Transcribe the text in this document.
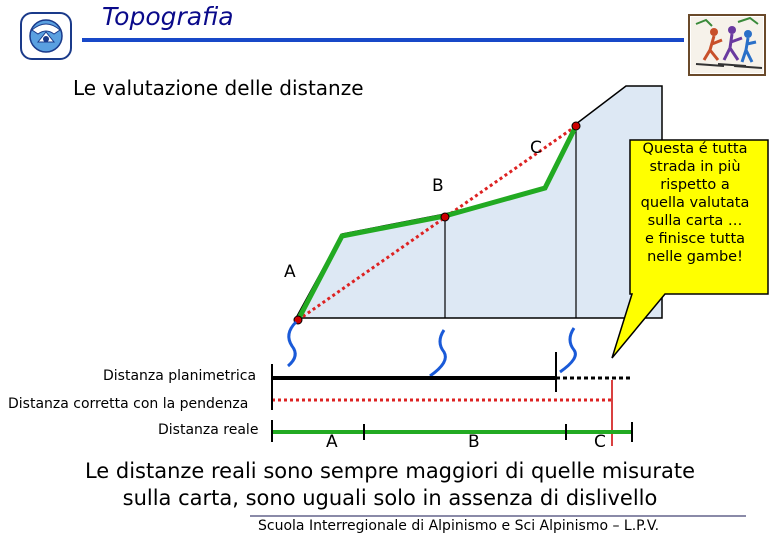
Topografia
Le valutazione delle distanze
C
B
A
Questa é tutta
strada in più
rispetto a
quella valutata
sulla carta …
e finisce tutta
nelle gambe!
Distanza planimetrica
Distanza corretta con la pendenza
Distanza reale
A	B	C
Le distanze reali sono sempre maggiori di quelle misurate
sulla carta, sono uguali solo in assenza di dislivello
Scuola Interregionale di Alpinismo e Sci Alpinismo – L.P.V.
